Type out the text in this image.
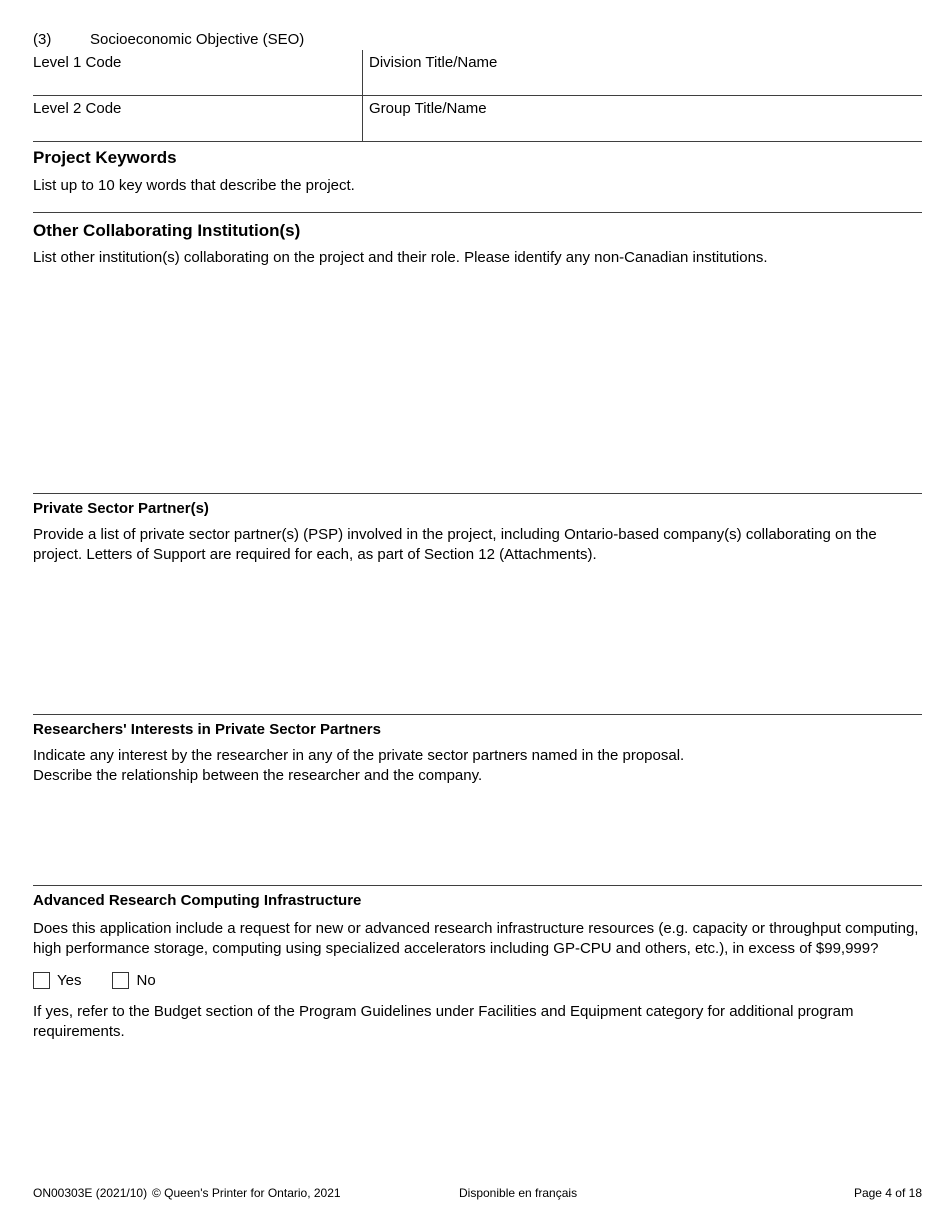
(3)	Socioeconomic Objective (SEO)
Level 1 Code	Division Title/Name
Level 2 Code	Group Title/Name
Project Keywords

List up to 10 key words that describe the project.

Other Collaborating Institution(s)

List other institution(s) collaborating on the project and their role. Please identify any non-Canadian institutions.

Private Sector Partner(s)

Provide a list of private sector partner(s) (PSP) involved in the project, including Ontario-based company(s) collaborating on the project. Letters of Support are required for each, as part of Section 12 (Attachments).

Researchers' Interests in Private Sector Partners
Indicate any interest by the researcher in any of the private sector partners named in the proposal.
Describe the relationship between the researcher and the company.
Advanced Research Computing Infrastructure

Does this application include a request for new or advanced research infrastructure resources (e.g. capacity or throughput computing, high performance storage, computing using specialized accelerators including GP-CPU and others, etc.), in excess of $99,999?

Yes	No

If yes, refer to the Budget section of the Program Guidelines under Facilities and Equipment category for additional program requirements.

ON00303E (2021/10) © Queen's Printer for Ontario, 2021	Disponible en français	Page 4 of 18
